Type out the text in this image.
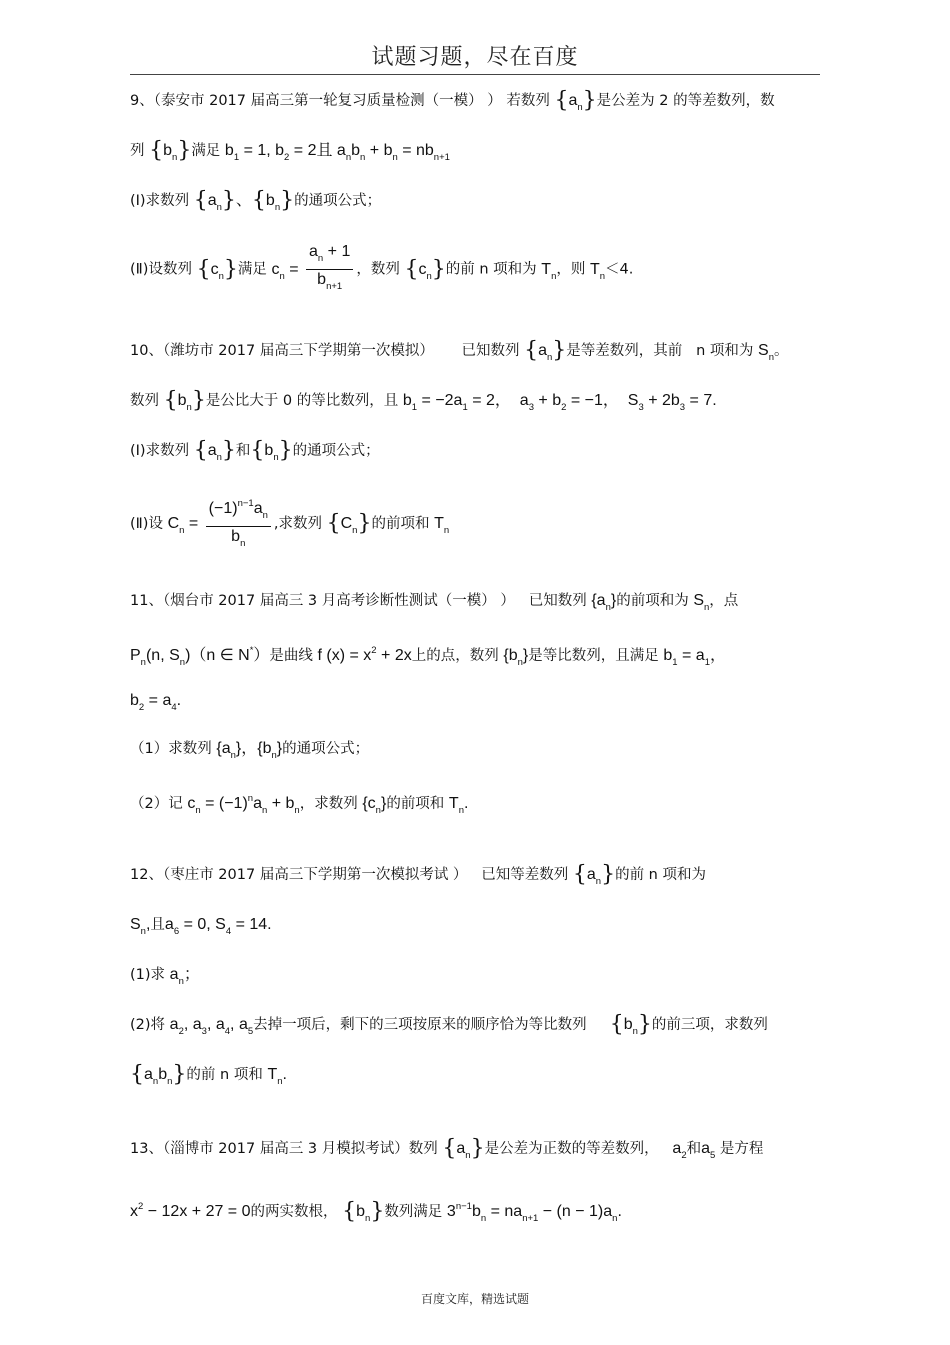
试题习题，尽在百度
9、（泰安市 2017 届高三第一轮复习质量检测（一模） ） 若数列 $\{a_n\}$是公差为 2 的等差数列，数
列 $\{b_n\}$满足 $b_1 = 1$, $b_2 = 2$且 $a_nb_n + b_n = nb_{n+1}$
(I)求数列 $\{a_n\}$、$\{b_n\}$的通项公式；
(Ⅱ)设数列 $\{c_n\}$满足 $c_n = \frac{a_n + 1}{b_{n+1}}$ ，数列 $\{c_n\}$的前 n 项和为 $T_n$，则 $T_n<4$.
10、（潍坊市 2017 届高三下学期第一次模拟） 已知数列 $\{a_n\}$是等差数列，其前 n 项和为 $S_n$。
数列 $\{b_n\}$是公比大于 0 的等比数列，且 $b_1 = -2a_1 = 2$，  $a_3 + b_2 = -1$，  $S_3 + 2b_3 = 7$.
(I)求数列 $\{a_n\}$和$\{b_n\}$的通项公式；
(Ⅱ)设 $C_n = \frac{(-1)^{n-1}a_n}{b_n}$ ,求数列 $\{C_n\}$的前项和 $T_n$
11、（烟台市 2017 届高三 3 月高考诊断性测试（一模） ） 已知数列 $\{a_n\}$的前项和为 $S_n$，点
$P_n(n$, $S_n)(n$ ∈ N*）是曲线 f $(x) = x^2 + 2x$上的点，数列 $\{b_n\}$是等比数列，且满足 $b_1 = a_1$，
$b_2 = a_4$.
（1）求数列 $\{a_n\}$，$\{b_n\}$的通项公式；
（2）记 $c_n = (-1)^na_n + b_n$，求数列 $\{c_n\}$的前项和 $T_n$.
12、（枣庄市 2017 届高三下学期第一次模拟考试 ） 已知等差数列 $\{a_n\}$的前 n 项和为
$S_n$,且$a_6 = 0$, $S_4 = 14$.
(1)求 $a_n$；
(2)将 $a_2$, $a_3$, $a_4$, $a_5$去掉一项后，剩下的三项按原来的顺序恰为等比数列 $\{b_n\}$的前三项，求数列
$\{a_nb_n\}$的前 n 项和 $T_n$.
13、（淄博市 2017 届高三 3 月模拟考试）数列 $\{a_n\}$是公差为正数的等差数列， $a_2$和$a_5$ 是方程
$x^2 - 12x + 27 = 0$的两实数根， $\{b_n\}$数列满足 $3^{n-1}b_n = na_{n+1} - (n - 1)a_n$.
百度文库，精选试题
